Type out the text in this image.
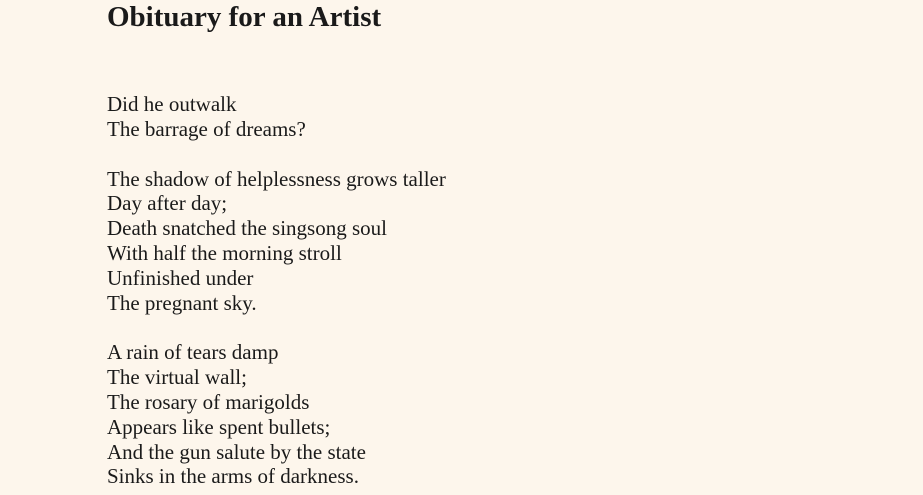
Obituary for an Artist
Did he outwalk
The barrage of dreams?
The shadow of helplessness grows taller
Day after day;
Death snatched the singsong soul
With half the morning stroll
Unfinished under
The pregnant sky.
A rain of tears damp
The virtual wall;
The rosary of marigolds
Appears like spent bullets;
And the gun salute by the state
Sinks in the arms of darkness.
